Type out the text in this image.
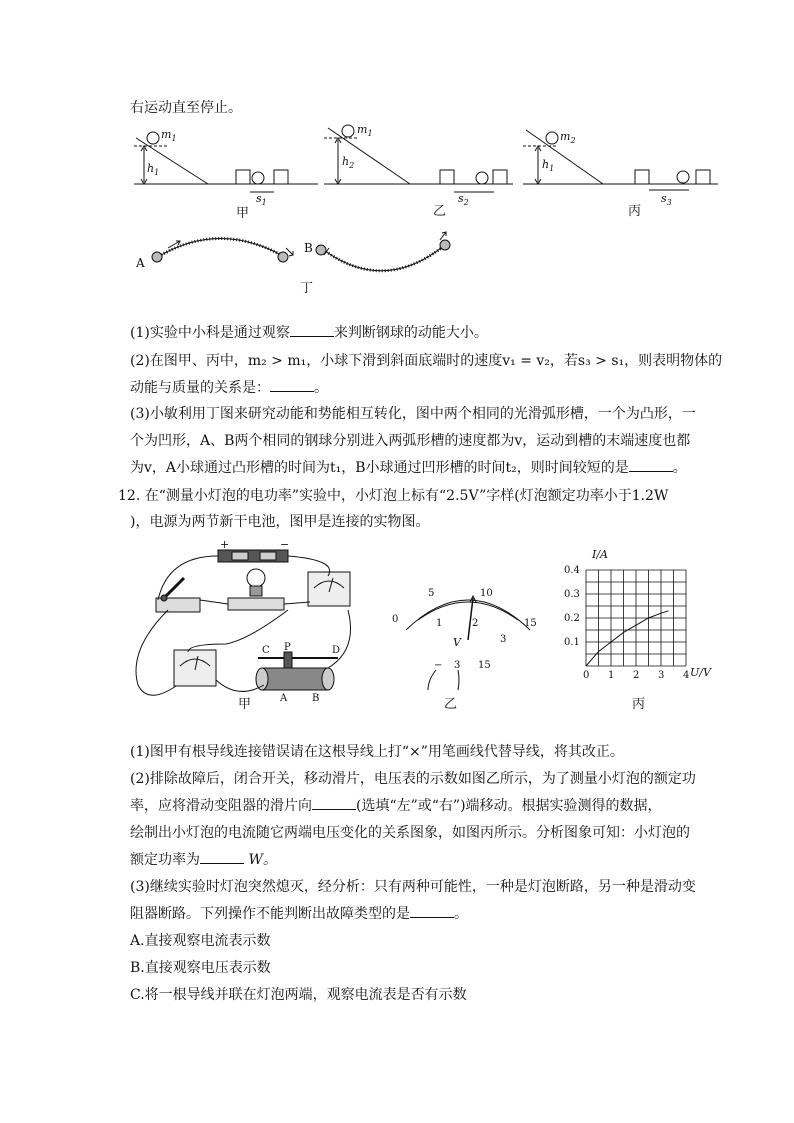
右运动直至停止。
$m_1$
$h_1$
$s_1$
甲
$m_1$
$h_2$
$s_2$
乙
$m_2$
$h_1$
$s_3$
丙
A
B
丁
(1)实验中小科是通过观察	来判断钢球的动能大小。
(2)在图甲、丙中，m₂ > m₁，小球下滑到斜面底端时的速度v₁ = v₂，若s₃ > s₁，则表明物体的
动能与质量的关系是：	。
(3)小敏利用丁图来研究动能和势能相互转化，图中两个相同的光滑弧形槽，一个为凸形，一
个为凹形，A、B两个相同的钢球分别进入两弧形槽的速度都为v，运动到槽的末端速度也都
为v，A小球通过凸形槽的时间为t₁，B小球通过凹形槽的时间t₂，则时间较短的是	。
12. 在“测量小灯泡的电功率”实验中，小灯泡上标有“2.5V”字样(灯泡额定功率小于1.2W
)，电源为两节新干电池，图甲是连接的实物图。
+	−
C P	D
A B
甲
0
5	10
15
1	2
3
V
− 3 15
乙
0 1 2 3 4
0.4
0.3
0.2
0.1
I/A
U/V
丙
(1)图甲有根导线连接错误请在这根导线上打“×”用笔画线代替导线，将其改正。
(2)排除故障后，闭合开关，移动滑片，电压表的示数如图乙所示，为了测量小灯泡的额定功
率，应将滑动变阻器的滑片向	(选填“左”或“右”)端移动。根据实验测得的数据，
绘制出小灯泡的电流随它两端电压变化的关系图象，如图丙所示。分析图象可知：小灯泡的
额定功率为	W。
(3)继续实验时灯泡突然熄灭，经分析：只有两种可能性，一种是灯泡断路，另一种是滑动变
阻器断路。下列操作不能判断出故障类型的是	。
A.直接观察电流表示数
B.直接观察电压表示数
C.将一根导线并联在灯泡两端，观察电流表是否有示数
